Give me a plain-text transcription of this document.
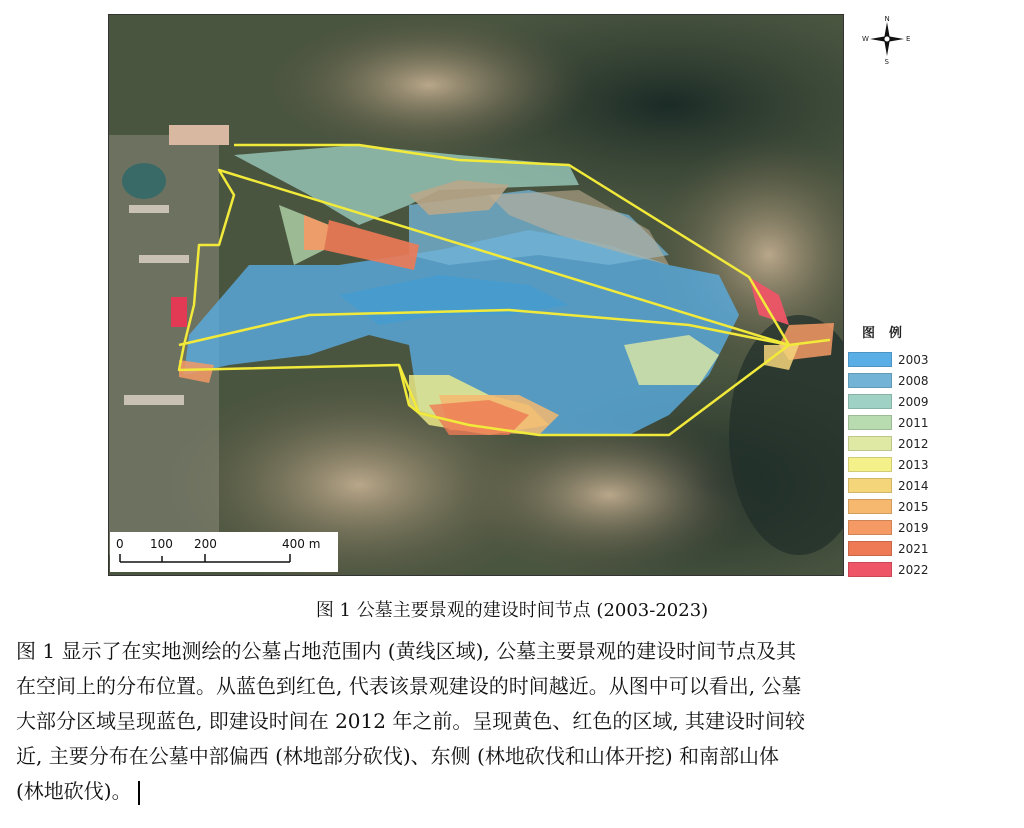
0 100 200	400 m
N
S
W	E
图例
2003
2008
2009
2011
2012
2013
2014
2015
2019
2021
2022
图 1 公墓主要景观的建设时间节点 (2003-2023)
图 1 显示了在实地测绘的公墓占地范围内 (黄线区域), 公墓主要景观的建设时间节点及其
在空间上的分布位置。从蓝色到红色, 代表该景观建设的时间越近。从图中可以看出, 公墓
大部分区域呈现蓝色, 即建设时间在 2012 年之前。呈现黄色、红色的区域, 其建设时间较
近, 主要分布在公墓中部偏西 (林地部分砍伐)、东侧 (林地砍伐和山体开挖) 和南部山体
(林地砍伐)。
